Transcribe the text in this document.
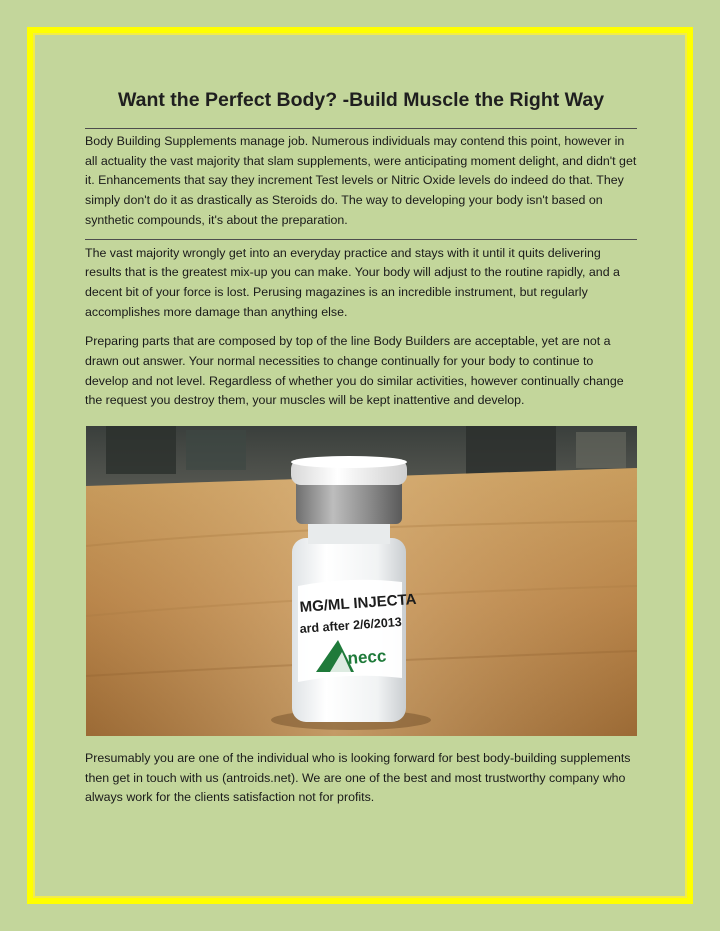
Want the Perfect Body? -Build Muscle the Right Way

Body Building Supplements manage job. Numerous individuals may contend this point, however in all actuality the vast majority that slam supplements, were anticipating moment delight, and didn't get it. Enhancements that say they increment Test levels or Nitric Oxide levels do indeed do that. They simply don't do it as drastically as Steroids do. The way to developing your body isn't based on synthetic compounds, it's about the preparation.

The vast majority wrongly get into an everyday practice and stays with it until it quits delivering results that is the greatest mix-up you can make. Your body will adjust to the routine rapidly, and a decent bit of your force is lost. Perusing magazines is an incredible instrument, but regularly accomplishes more damage than anything else.

Preparing parts that are composed by top of the line Body Builders are acceptable, yet are not a drawn out answer. Your normal necessities to change continually for your body to continue to develop and not level. Regardless of whether you do similar activities, however continually change the request you destroy them, your muscles will be kept inattentive and develop.

MG/ML INJECTA
ard after 2/6/2013
necc

Presumably you are one of the individual who is looking forward for best body-building supplements then get in touch with us (antroids.net). We are one of the best and most trustworthy company who always work for the clients satisfaction not for profits.
